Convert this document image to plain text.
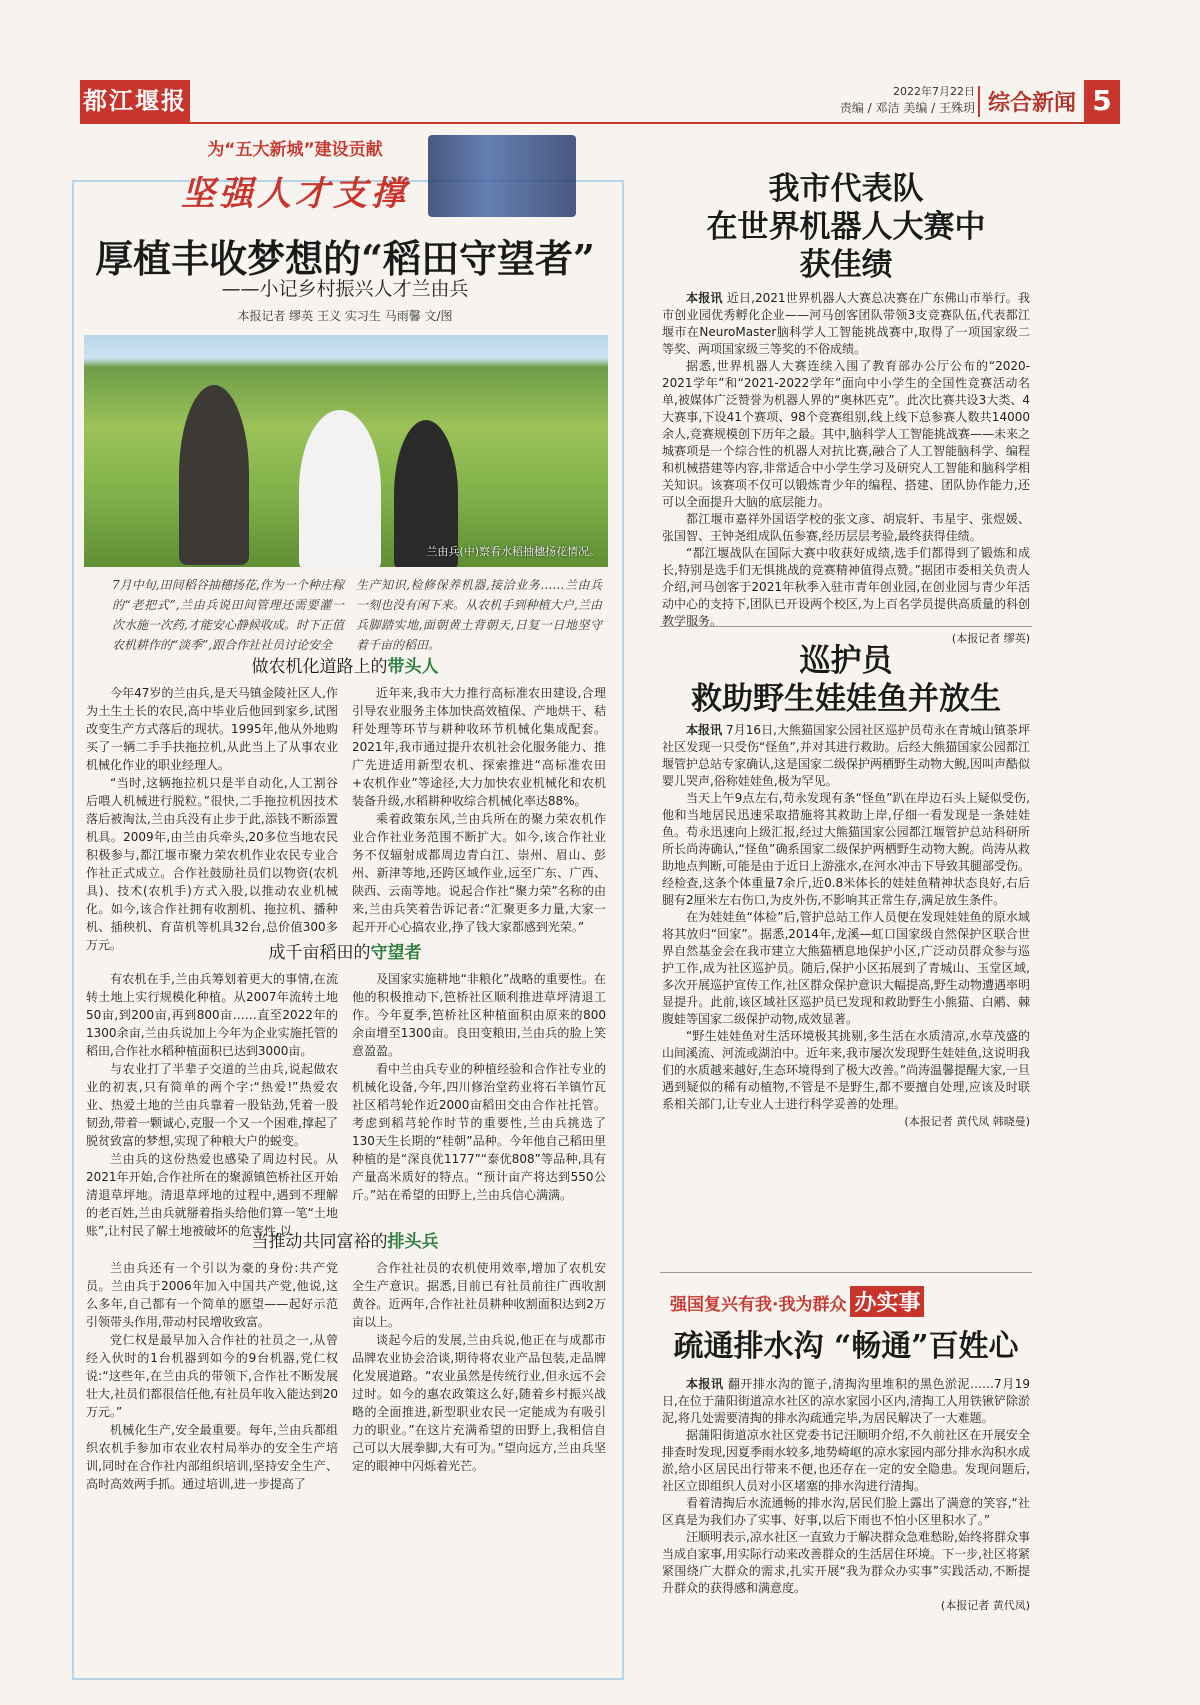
都江堰报	2022年7月22日
责编 / 邓洁 美编 / 王殊玥 综合新闻 5
为“五大新城”建设贡献
坚强人才支撑
厚植丰收梦想的“稻田守望者”
——小记乡村振兴人才兰由兵
本报记者 缪英 王义 实习生 马雨馨 文/图
兰由兵(中)察看水稻抽穗扬花情况。
7月中旬,田间稻谷抽穗扬花,作为一个种庄稼的“老把式”,兰由兵说田间管理还需要灌一次水施一次药,才能安心静候收成。时下正值农机耕作的“淡季”,跟合作社社员讨论安全
生产知识,检修保养机器,接洽业务……兰由兵一刻也没有闲下来。从农机手到种植大户,兰由兵脚踏实地,面朝黄土背朝天,日复一日地坚守着千亩的稻田。
做农机化道路上的带头人

今年47岁的兰由兵,是天马镇金陵社区人,作为土生土长的农民,高中毕业后他回到家乡,试图改变生产方式落后的现状。1995年,他从外地购买了一辆二手手扶拖拉机,从此当上了从事农业机械化作业的职业经理人。

“当时,这辆拖拉机只是半自动化,人工割谷后喂人机械进行脱粒。”很快,二手拖拉机因技术落后被淘汰,兰由兵没有止步于此,添钱不断添置机具。2009年,由兰由兵牵头,20多位当地农民积极参与,都江堰市聚力荣农机作业农民专业合作社正式成立。合作社鼓励社员们以物资(农机具)、技术(农机手)方式入股,以推动农业机械化。如今,该合作社拥有收割机、拖拉机、播种机、插秧机、育苗机等机具32台,总价值300多万元。

近年来,我市大力推行高标准农田建设,合理引导农业服务主体加快高效植保、产地烘干、秸秆处理等环节与耕种收环节机械化集成配套。2021年,我市通过提升农机社会化服务能力、推广先进适用新型农机、探索推进“高标准农田+农机作业”等途径,大力加快农业机械化和农机装备升级,水稻耕种收综合机械化率达88%。

乘着政策东风,兰由兵所在的聚力荣农机作业合作社业务范围不断扩大。如今,该合作社业务不仅辐射成都周边青白江、崇州、眉山、彭州、新津等地,还跨区域作业,远至广东、广西、陕西、云南等地。说起合作社“聚力荣”名称的由来,兰由兵笑着告诉记者:“汇聚更多力量,大家一起开开心心搞农业,挣了钱大家都感到光荣。”

成千亩稻田的守望者

有农机在手,兰由兵筹划着更大的事情,在流转土地上实行规模化种植。从2007年流转土地50亩,到200亩,再到800亩……直至2022年的1300余亩,兰由兵说加上今年为企业实施托管的稻田,合作社水稻种植面积已达到3000亩。

与农业打了半辈子交道的兰由兵,说起做农业的初衷,只有简单的两个字:“热爱!”热爱农业、热爱土地的兰由兵靠着一股钻劲,凭着一股韧劲,带着一颗诚心,克服一个又一个困难,撑起了脱贫致富的梦想,实现了种粮大户的蜕变。

兰由兵的这份热爱也感染了周边村民。从2021年开始,合作社所在的聚源镇笆桥社区开始清退草坪地。清退草坪地的过程中,遇到不理解的老百姓,兰由兵就掰着指头给他们算一笔“土地账”,让村民了解土地被破坏的危害性,以

及国家实施耕地“非粮化”战略的重要性。在他的积极推动下,笆桥社区顺利推进草坪清退工作。今年夏季,笆桥社区种植面积由原来的800余亩增至1300亩。良田变粮田,兰由兵的脸上笑意盈盈。

看中兰由兵专业的种植经验和合作社专业的机械化设备,今年,四川修治堂药业将石羊镇竹瓦社区稻芎轮作近2000亩稻田交由合作社托管。考虑到稻芎轮作时节的重要性,兰由兵挑选了130天生长期的“桂朝”品种。今年他自己稻田里种植的是“深良优1177”“泰优808”等品种,具有产量高米质好的特点。“预计亩产将达到550公斤。”站在希望的田野上,兰由兵信心满满。

当推动共同富裕的排头兵

兰由兵还有一个引以为豪的身份:共产党员。兰由兵于2006年加入中国共产党,他说,这么多年,自己都有一个简单的愿望——起好示范引领带头作用,带动村民增收致富。

党仁权是最早加入合作社的社员之一,从曾经入伙时的1台机器到如今的9台机器,党仁权说:“这些年,在兰由兵的带领下,合作社不断发展壮大,社员们都很信任他,有社员年收入能达到20万元。”

机械化生产,安全最重要。每年,兰由兵都组织农机手参加市农业农村局举办的安全生产培训,同时在合作社内部组织培训,坚持安全生产、高时高效两手抓。通过培训,进一步提高了

合作社社员的农机使用效率,增加了农机安全生产意识。据悉,目前已有社员前往广西收割黄谷。近两年,合作社社员耕种收割面积达到2万亩以上。

谈起今后的发展,兰由兵说,他正在与成都市品牌农业协会洽谈,期待将农业产品包装,走品牌化发展道路。“农业虽然是传统行业,但永远不会过时。如今的惠农政策这么好,随着乡村振兴战略的全面推进,新型职业农民一定能成为有吸引力的职业。”在这片充满希望的田野上,我相信自己可以大展拳脚,大有可为。”望向远方,兰由兵坚定的眼神中闪烁着光芒。

我市代表队
在世界机器人大赛中
获佳绩

本报讯 近日,2021世界机器人大赛总决赛在广东佛山市举行。我市创业园优秀孵化企业——河马创客团队带领3支竞赛队伍,代表都江堰市在NeuroMaster脑科学人工智能挑战赛中,取得了一项国家级二等奖、两项国家级三等奖的不俗成绩。

据悉,世界机器人大赛连续入围了教育部办公厅公布的“2020-2021学年”和“2021-2022学年”面向中小学生的全国性竞赛活动名单,被媒体广泛赞誉为机器人界的“奥林匹克”。此次比赛共设3大类、4大赛事,下设41个赛项、98个竞赛组别,线上线下总参赛人数共14000余人,竞赛规模创下历年之最。其中,脑科学人工智能挑战赛——未来之城赛项是一个综合性的机器人对抗比赛,融合了人工智能脑科学、编程和机械搭建等内容,非常适合中小学生学习及研究人工智能和脑科学相关知识。该赛项不仅可以锻炼青少年的编程、搭建、团队协作能力,还可以全面提升大脑的底层能力。

都江堰市嘉祥外国语学校的张文彦、胡宸轩、韦星宇、张煜媛、张国智、王钟尧组成队伍参赛,经历层层考验,最终获得佳绩。

“都江堰战队在国际大赛中收获好成绩,选手们都得到了锻炼和成长,特别是选手们无惧挑战的竞赛精神值得点赞。”据团市委相关负责人介绍,河马创客于2021年秋季入驻市青年创业园,在创业园与青少年活动中心的支持下,团队已开设两个校区,为上百名学员提供高质量的科创教学服务。

(本报记者 缪英)
巡护员
救助野生娃娃鱼并放生

本报讯 7月16日,大熊猫国家公园社区巡护员苟永在青城山镇茶坪社区发现一只受伤“怪鱼”,并对其进行救助。后经大熊猫国家公园都江堰管护总站专家确认,这是国家二级保护两栖野生动物大鲵,因叫声酷似婴儿哭声,俗称娃娃鱼,极为罕见。

当天上午9点左右,苟永发现有条“怪鱼”趴在岸边石头上疑似受伤,他和当地居民迅速采取措施将其救助上岸,仔细一看发现是一条娃娃鱼。苟永迅速向上级汇报,经过大熊猫国家公园都江堰管护总站科研所所长尚涛确认,“怪鱼”确系国家二级保护两栖野生动物大鲵。尚涛从救助地点判断,可能是由于近日上游涨水,在河水冲击下导致其腿部受伤。经检查,这条个体重量7余斤,近0.8米体长的娃娃鱼精神状态良好,右后腿有2厘米左右伤口,为皮外伤,不影响其正常生存,满足放生条件。

在为娃娃鱼“体检”后,管护总站工作人员便在发现娃娃鱼的原水域将其放归“回家”。据悉,2014年,龙溪—虹口国家级自然保护区联合世界自然基金会在我市建立大熊猫栖息地保护小区,广泛动员群众参与巡护工作,成为社区巡护员。随后,保护小区拓展到了青城山、玉堂区域,多次开展巡护宣传工作,社区群众保护意识大幅提高,野生动物遭遇率明显提升。此前,该区域社区巡护员已发现和救助野生小熊猫、白鹇、棘腹蛙等国家二级保护动物,成效显著。

“野生娃娃鱼对生活环境极其挑剔,多生活在水质清凉,水草茂盛的山间溪流、河流或湖泊中。近年来,我市屡次发现野生娃娃鱼,这说明我们的水质越来越好,生态环境得到了极大改善。”尚涛温馨提醒大家,一旦遇到疑似的稀有动植物,不管是不是野生,都不要擅自处理,应该及时联系相关部门,让专业人士进行科学妥善的处理。

(本报记者 黄代凤 韩晓曼)
强国复兴有我·我为群众 办实事
疏通排水沟 “畅通”百姓心

本报讯 翻开排水沟的篦子,清掏沟里堆积的黑色淤泥……7月19日,在位于蒲阳街道凉水社区的凉水家园小区内,清掏工人用铁锹铲除淤泥,将几处需要清掏的排水沟疏通完毕,为居民解决了一大难题。

据蒲阳街道凉水社区党委书记汪顺明介绍,不久前社区在开展安全排查时发现,因夏季雨水较多,地势崎岖的凉水家园内部分排水沟积水成淤,给小区居民出行带来不便,也还存在一定的安全隐患。发现问题后,社区立即组织人员对小区堵塞的排水沟进行清掏。

看着清掏后水流通畅的排水沟,居民们脸上露出了满意的笑容,“社区真是为我们办了实事、好事,以后下雨也不怕小区里积水了。”

汪顺明表示,凉水社区一直致力于解决群众急难愁盼,始终将群众事当成自家事,用实际行动来改善群众的生活居住环境。下一步,社区将紧紧围绕广大群众的需求,扎实开展“我为群众办实事”实践活动,不断提升群众的获得感和满意度。

(本报记者 黄代凤)
